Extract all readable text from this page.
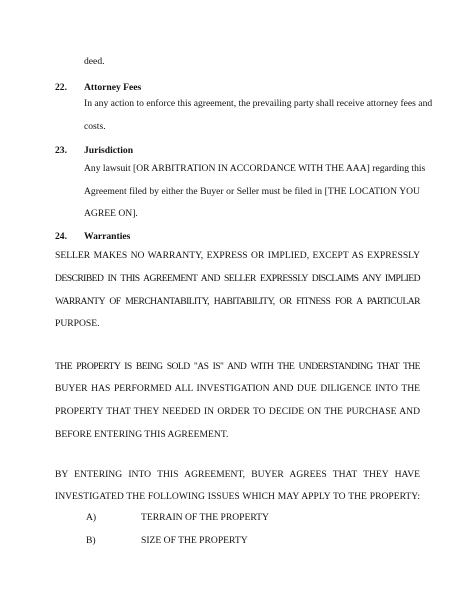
deed.
22. Attorney Fees
In any action to enforce this agreement, the prevailing party shall receive attorney fees and
costs.
23. Jurisdiction
Any lawsuit [OR ARBITRATION IN ACCORDANCE WITH THE AAA] regarding this
Agreement filed by either the Buyer or Seller must be filed in [THE LOCATION YOU
AGREE ON].
24. Warranties
SELLER MAKES NO WARRANTY, EXPRESS OR IMPLIED, EXCEPT AS EXPRESSLY
DESCRIBED IN THIS AGREEMENT AND SELLER EXPRESSLY DISCLAIMS ANY IMPLIED
WARRANTY OF MERCHANTABILITY, HABITABILITY, OR FITNESS FOR A PARTICULAR
PURPOSE.
THE PROPERTY IS BEING SOLD "AS IS" AND WITH THE UNDERSTANDING THAT THE
BUYER HAS PERFORMED ALL INVESTIGATION AND DUE DILIGENCE INTO THE
PROPERTY THAT THEY NEEDED IN ORDER TO DECIDE ON THE PURCHASE AND
BEFORE ENTERING THIS AGREEMENT.
BY ENTERING INTO THIS AGREEMENT, BUYER AGREES THAT THEY HAVE
INVESTIGATED THE FOLLOWING ISSUES WHICH MAY APPLY TO THE PROPERTY:
A)	TERRAIN OF THE PROPERTY
B)	SIZE OF THE PROPERTY
